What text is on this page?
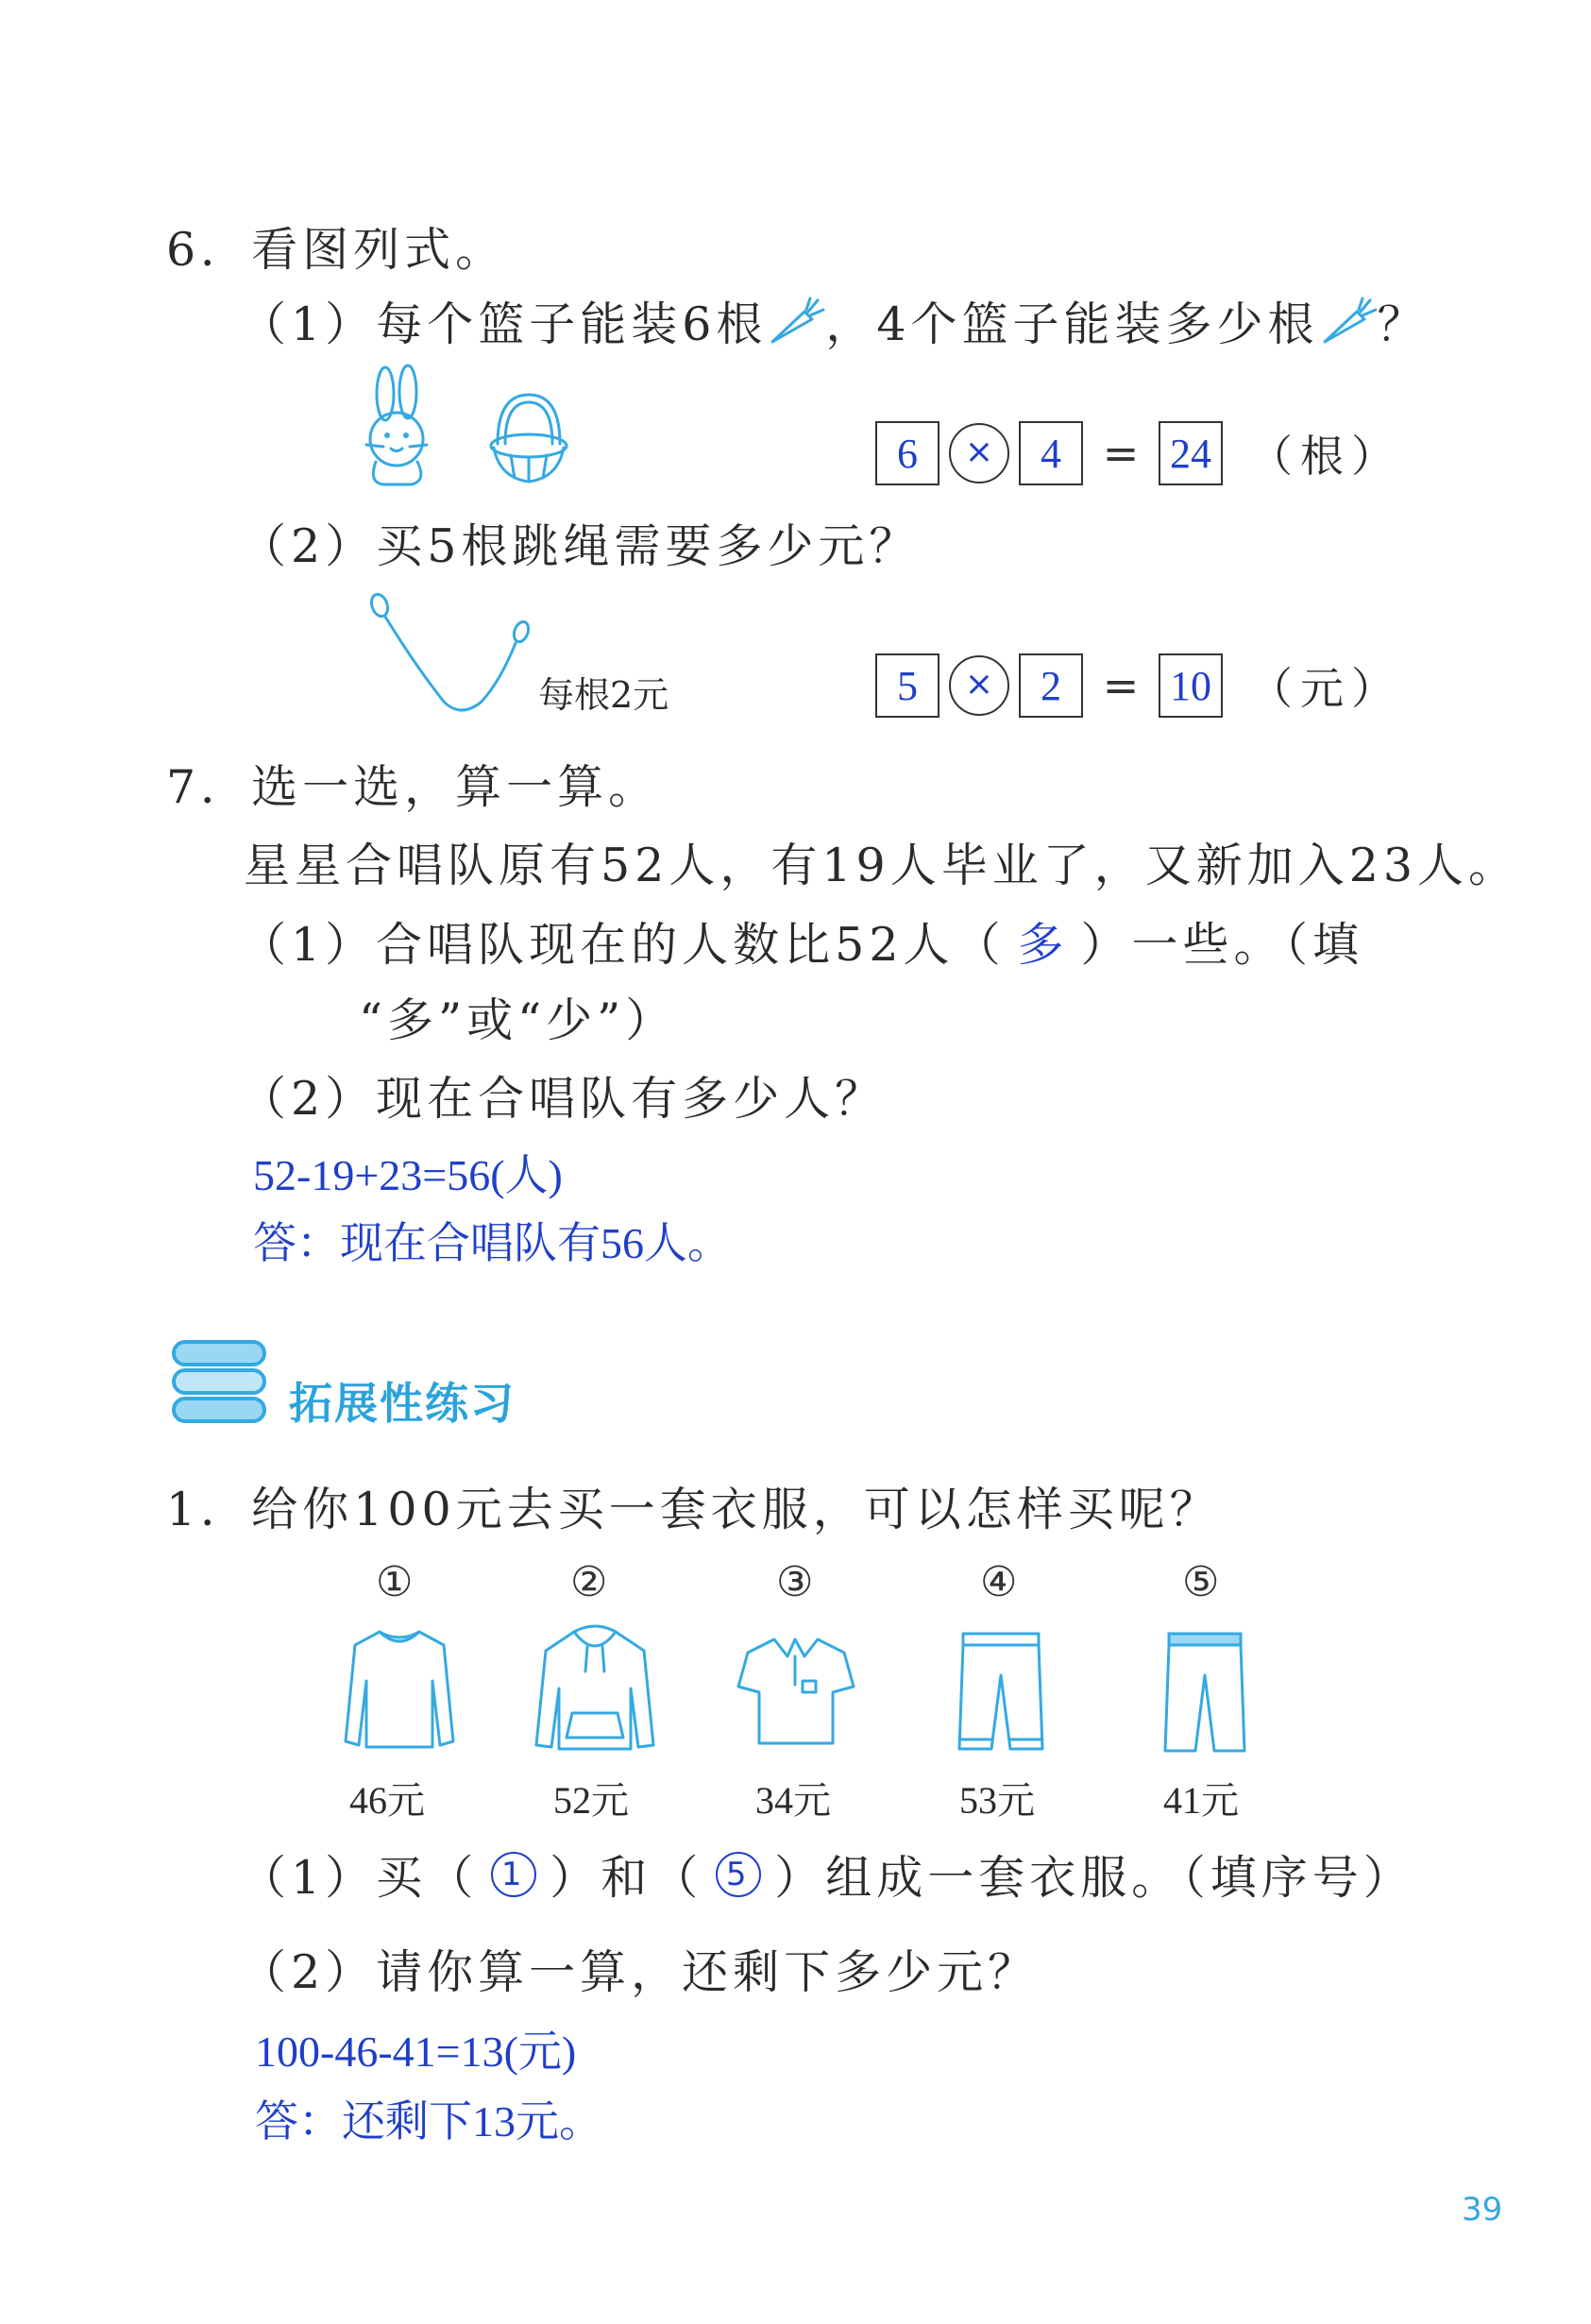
6．看图列式。
（1） 每个篮子能装6根 ，4个篮子能装多少根 ？
6	×	4 = 24 （根）
（2）买5根跳绳需要多少元？
每根2元	5	×	2 = 10 （元）
7．选一选，算一算。
星星合唱队原有52人，有19人毕业了，又新加入23人。
（1）合唱队现在的人数比52人（ 多 ）一些。（填
“多”或“少”）
（2）现在合唱队有多少人？
52-19+23=56(人)
答：现在合唱队有56人。
拓展性练习
1．给你100元去买一套衣服，可以怎样买呢？
①	②	③	④	⑤
46元	52元	34元	53元	41元
（1）买（ 1 ）和（ 5 ）组成一套衣服。（填序号）
（2）请你算一算，还剩下多少元？
100-46-41=13(元)
答：还剩下13元。
39
